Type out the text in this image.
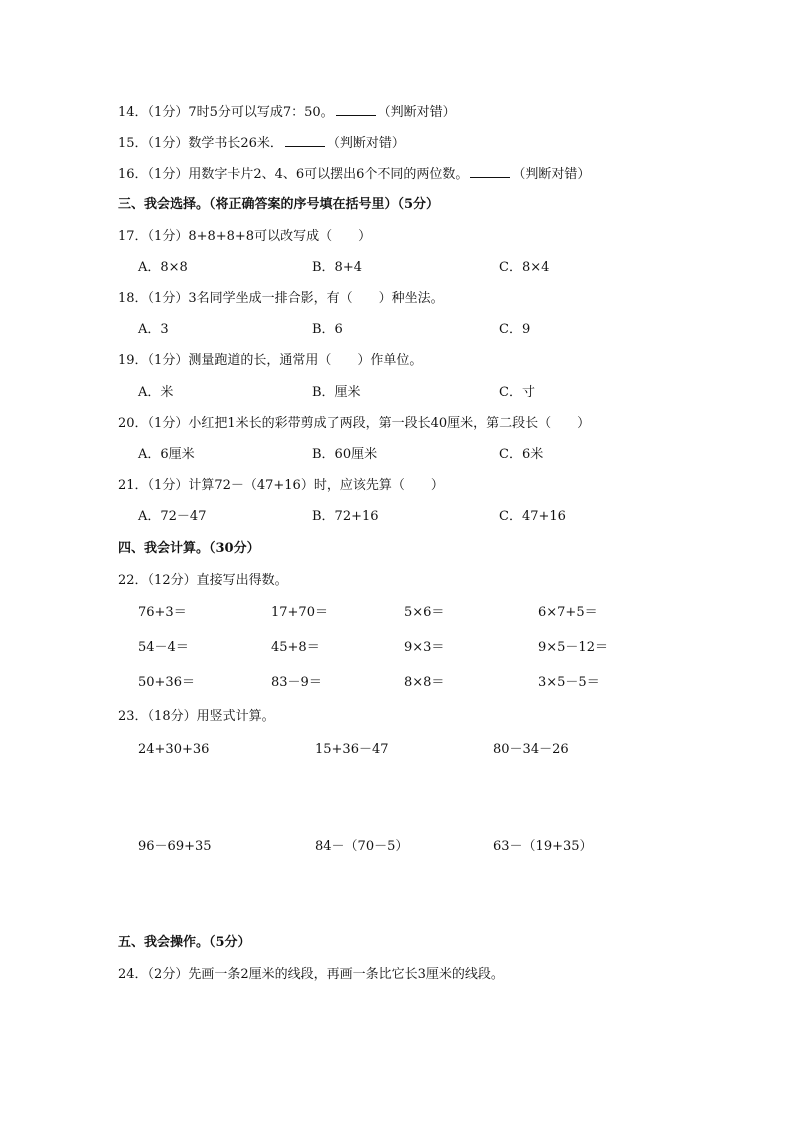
14．（1分）7时5分可以写成7：50。	（判断对错）
15．（1分）数学书长26米．	（判断对错）
16．（1分）用数字卡片2、4、6可以摆出6个不同的两位数。	（判断对错）
三、我会选择。（将正确答案的序号填在括号里）（5分）
17．（1分）8+8+8+8可以改写成（　　）
A．8×8	B．8+4	C．8×4
18．（1分）3名同学坐成一排合影，有（　　）种坐法。
A．3	B．6	C．9
19．（1分）测量跑道的长，通常用（　　）作单位。
A．米	B．厘米	C．寸
20．（1分）小红把1米长的彩带剪成了两段，第一段长40厘米，第二段长（　　）
A．6厘米	B．60厘米	C．6米
21．（1分）计算72－（47+16）时，应该先算（　　）
A．72－47	B．72+16	C．47+16
四、我会计算。（30分）
22．（12分）直接写出得数。
76+3＝	17+70＝	5×6＝	6×7+5＝
54－4＝	45+8＝	9×3＝	9×5－12＝
50+36＝	83－9＝	8×8＝	3×5－5＝
23．（18分）用竖式计算。
24+30+36	15+36－47	80－34－26
96－69+35	84－（70－5）	63－（19+35）
五、我会操作。（5分）
24．（2分）先画一条2厘米的线段，再画一条比它长3厘米的线段。
